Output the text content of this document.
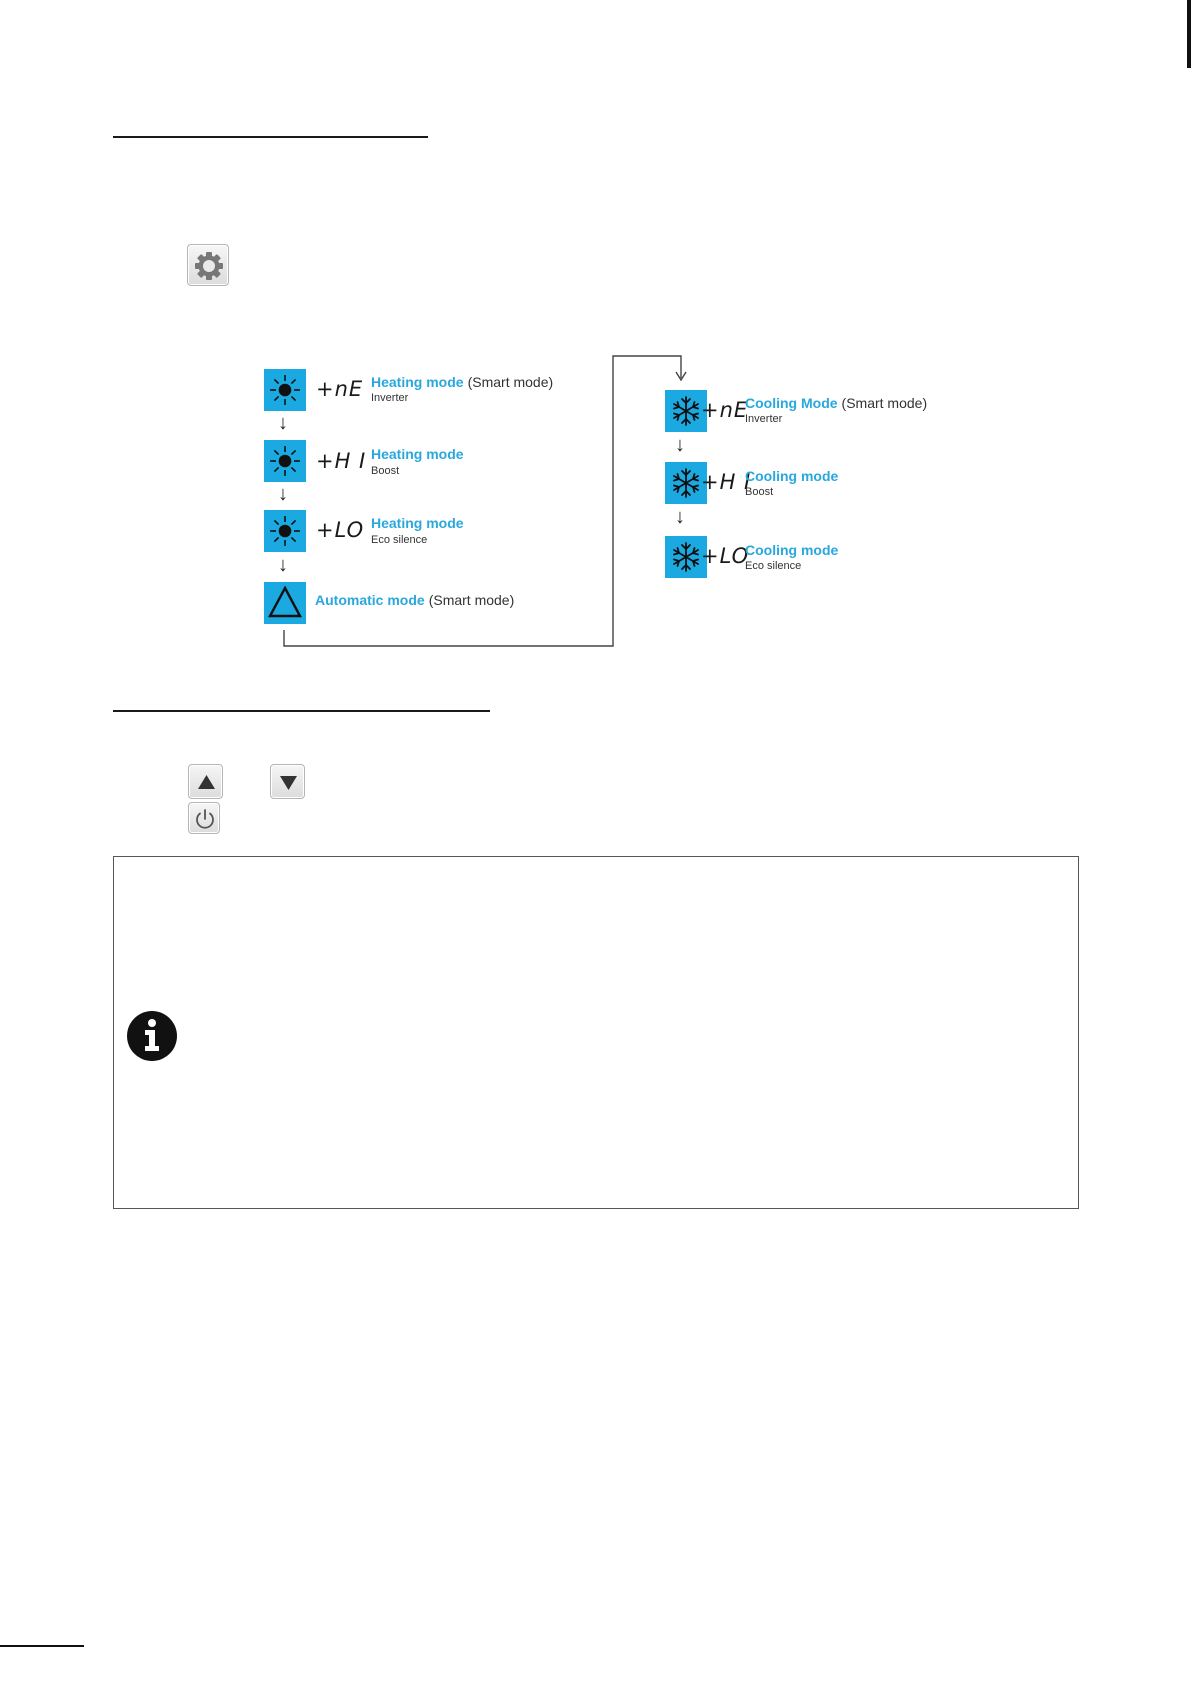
+nE Heating mode (Smart mode)
Inverter
↓
+H I Heating mode
Boost
↓
+LO Heating mode
Eco silence
↓
Automatic mode (Smart mode)
+nE
Cooling Mode (Smart mode)
Inverter
↓
+H I
Cooling mode
Boost
↓
+LO
Cooling mode
Eco silence
